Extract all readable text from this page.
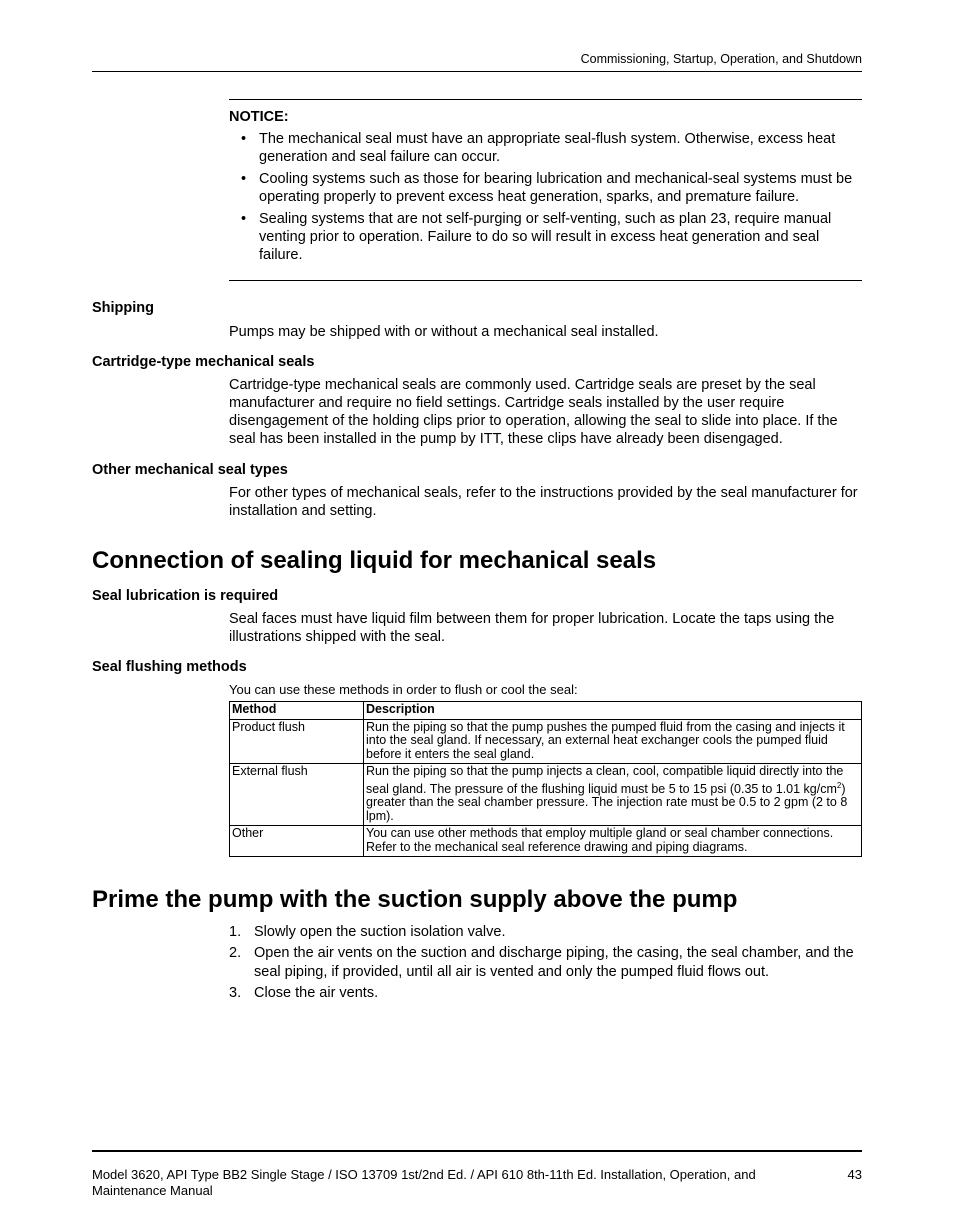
Commissioning, Startup, Operation, and Shutdown
NOTICE:
• The mechanical seal must have an appropriate seal-flush system. Otherwise, excess heat generation and seal failure can occur.
• Cooling systems such as those for bearing lubrication and mechanical-seal systems must be operating properly to prevent excess heat generation, sparks, and premature failure.
• Sealing systems that are not self-purging or self-venting, such as plan 23, require manual venting prior to operation. Failure to do so will result in excess heat generation and seal failure.
Shipping
Pumps may be shipped with or without a mechanical seal installed.
Cartridge-type mechanical seals
Cartridge-type mechanical seals are commonly used. Cartridge seals are preset by the seal manufacturer and require no field settings. Cartridge seals installed by the user require disengagement of the holding clips prior to operation, allowing the seal to slide into place. If the seal has been installed in the pump by ITT, these clips have already been disengaged.
Other mechanical seal types
For other types of mechanical seals, refer to the instructions provided by the seal manufacturer for installation and setting.
Connection of sealing liquid for mechanical seals
Seal lubrication is required
Seal faces must have liquid film between them for proper lubrication. Locate the taps using the illustrations shipped with the seal.
Seal flushing methods
You can use these methods in order to flush or cool the seal:
Method	Description
Product flush	Run the piping so that the pump pushes the pumped fluid from the casing and injects it into the seal gland. If necessary, an external heat exchanger cools the pumped fluid before it enters the seal gland.
External flush	Run the piping so that the pump injects a clean, cool, compatible liquid directly into the seal gland. The pressure of the flushing liquid must be 5 to 15 psi (0.35 to 1.01 $kg/cm^2$) greater than the seal chamber pressure. The injection rate must be 0.5 to 2 gpm (2 to 8 lpm).
Other	You can use other methods that employ multiple gland or seal chamber connections. Refer to the mechanical seal reference drawing and piping diagrams.
Prime the pump with the suction supply above the pump
1. Slowly open the suction isolation valve.
2. Open the air vents on the suction and discharge piping, the casing, the seal chamber, and the seal piping, if provided, until all air is vented and only the pumped fluid flows out.
3. Close the air vents.
Model 3620, API Type BB2 Single Stage / ISO 13709 1st/2nd Ed. / API 610 8th-11th Ed. Installation, Operation, and Maintenance Manual
43
